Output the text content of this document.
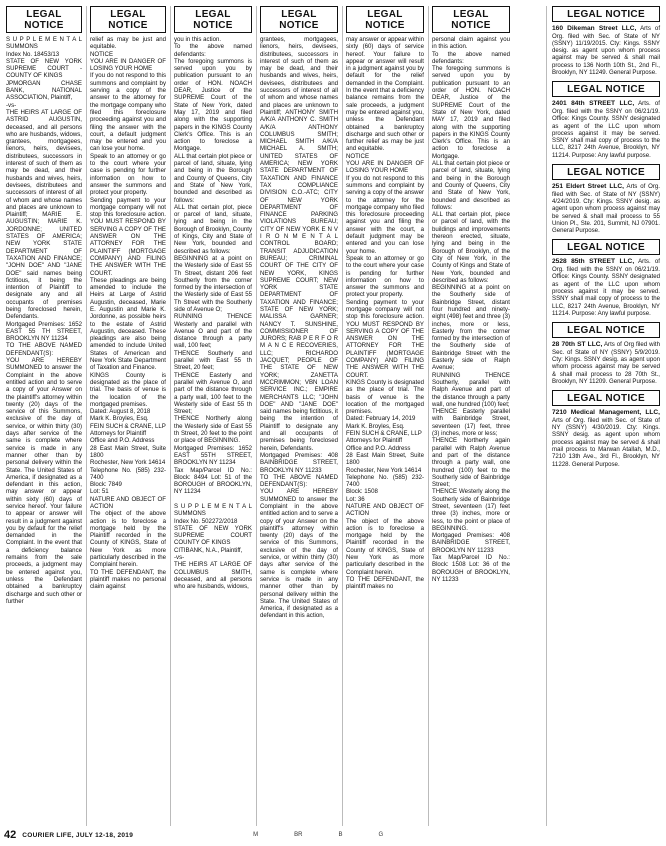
LEGAL NOTICE
S U P P L E M E N T A L SUMMONS
Index No. 18453/13
STATE OF NEW YORK SUPREME COURT - COUNTY OF KINGS
JPMORGAN CHASE BANK, NATIONAL ASSOCIATION, Plaintiff,
-vs-
THE HEIRS AT LARGE OF ASTRID AUGUSTIN, deceased, and all persons who are husbands, widows, grantees, mortgagees, lienors, heirs, devisees, distributees, successors in interest of such of them as may be dead, and their husbands and wives, heirs, devisees, distributees and successors of interest of all of whom and whose names and places are unknown to Plaintiff; MARIE E. AUGUSTIN; MARIE K. JORDONNE; UNITED STATES OF AMERICA; NEW YORK STATE DEPARTMENT OF TAXATION AND FINANCE; "JOHN DOE" AND "JANE DOE" said names being fictitious, it being the intention of Plaintiff to designate any and all occupants of premises being foreclosed herein, Defendants.
Mortgaged Premises: 1652 EAST 55 TH STREET, BROOKLYN NY 11234
TO THE ABOVE NAMED DEFENDANT(S):
YOU ARE HEREBY SUMMONED to answer the Complaint in the above entitled action and to serve a copy of your Answer on the plaintiff's attorney within twenty (20) days of the service of this Summons, exclusive of the day of service, or within thirty (30) days after service of the same is complete where service is made in any manner other than by personal delivery within the State. The United States of America, if designated as a defendant in this action, may answer or appear within sixty (60) days of service hereof. Your failure to appear or answer will result in a judgment against you by default for the relief demanded in the Complaint. In the event that a deficiency balance remains from the sale proceeds, a judgment may be entered against you, unless the Defendant obtained a bankruptcy discharge and such other or further
LEGAL NOTICE
relief as may be just and equitable.
NOTICE
YOU ARE IN DANGER OF LOSING YOUR HOME
If you do not respond to this summons and complaint by serving a copy of the answer to the attorney for the mortgage company who filed this foreclosure proceeding against you and filing the answer with the court, a default judgment may be entered and you can lose your home.
Speak to an attorney or go to the court where your case is pending for further information on how to answer the summons and protect your property.
Sending payment to your mortgage company will not stop this foreclosure action. YOU MUST RESPOND BY SERVING A COPY OF THE ANSWER ON THE ATTORNEY FOR THE PLAINTIFF (MORTGAGE COMPANY) AND FILING THE ANSWER WITH THE COURT.
These pleadings are being amended to include the Heirs at Large of Astrid Augustin, deceased, Marie E. Augustin and Marie K. Jordonne, as possible heirs to the estate of Astrid Augustin, deceased. These pleadings are also being amended to include United States of American and New York State Department of Taxation and Finance.
KINGS County is designated as the place of trial. The basis of venue is the location of the mortgaged premises.
Dated: August 8, 2018
Mark K. Broyles, Esq.
FEIN SUCH & CRANE, LLP
Attorneys for Plaintiff
Office and P.O. Address
28 East Main Street, Suite 1800
Rochester, New York 14614
Telephone No. (585) 232-7400
Block: 7849
Lot: 51
NATURE AND OBJECT OF ACTION
The object of the above action is to foreclose a mortgage held by the Plaintiff recorded in the County of KINGS, State of New York as more particularly described in the Complaint herein.
TO THE DEFENDANT, the plaintiff makes no personal claim against
LEGAL NOTICE
you in this action.
To the above named defendants:
The foregoing summons is served upon you by publication pursuant to an order of HON. NOACH DEAR, Justice of the SUPREME Court of the State of New York, dated May 17, 2019 and filed along with the supporting papers in the KINGS County Clerk's Office. This is an action to foreclose a Mortgage.
ALL that certain plot piece or parcel of land, situate, lying and being in the Borough and County of Queens, City and State of New York, bounded and described as follows:
ALL that certain plot, piece or parcel of land, situate, lying and being in the Borough of Brooklyn, County of Kings, City and State of New York, bounded and described as follows:
BEGINNING at a point on the Westerly side of East 55 Th Street, distant 206 feet Southerly from the corner formed by the intersection of the Westerly side of East 55 Th Street with the Southerly side of Avenue O;
RUNNING THENCE Westerly and parallel with Avenue O and part of the distance through a party wall, 100 feet;
THENCE Southerly and parallel with East 55 th Street, 20 feet;
THENCE Easterly and parallel with Avenue O, and part of the distance through a party wall, 100 feet to the Westerly side of East 55 th Street;
THENCE Northerly along the Westerly side of East 55 th Street, 20 feet to the point or place of BEGINNING.
Mortgaged Premises: 1652 EAST 55TH STREET, BROOKLYN NY 11234
Tax Map/Parcel ID No.: Block: 8494 Lot: 51 of the BOROUGH of BROOKLYN, NY 11234

S U P P L E M E N T A L SUMMONS
Index No. 502272/2018
STATE OF NEW YORK SUPREME COURT COUNTY OF KINGS
CITIBANK, N.A., Plaintiff,
-vs-
THE HEIRS AT LARGE OF COLUMBUS SMITH, deceased, and all persons who are husbands, widows,
LEGAL NOTICE
grantees, mortgagees, lienors, heirs, devisees, distributees, successors in interest of such of them as may be dead, and their husbands and wives, heirs, devisees, distributees and successors of interest of all of whom and whose names and places are unknown to Plaintiff; ANTHONY SMITH A/K/A ANTHONY C. SMITH A/K/A ANTHONY COLUMBUS SMITH; MICHAEL SMITH A/K/A MICHAEL A. SMITH; UNITED STATES OF AMERICA; NEW YORK STATE DEPARTMENT OF TAXATION AND FINANCE TAX COMPLIANCE DIVISION C.O.-ATC; CITY OF NEW YORK DEPARTMENT OF FINANCE PARKING VIOLATIONS BUREAU; CITY OF NEW YORK E N V I R O N M E N T A L CONTROL BOARD; TRANSIT ADJUDICATION BUREAU; CRIMINAL COURT OF THE CITY OF NEW YORK, KINGS SUPREME COURT; NEW YORK STATE DEPARTMENT OF TAXATION AND FINANCE; STATE OF NEW YORK; MALISSA GARNER; NANCY T. SUNSHINE, COMMISSIONER OF JURORS; RAB P E R F O R M A N C E RECOVERIES, LLC; RICHARDO JACQUET; PEOPLE OF THE STATE OF NEW YORK; ZANETTA MCCRIMMON; VBN LOAN SERVICE INC.; EMPIRE MERCHANTS LLC; "JOHN DOE" AND "JANE DOE" said names being fictitious, it being the intention of Plaintiff to designate any and all occupants of premises being foreclosed herein, Defendants.
Mortgaged Premises: 408 BAINBRIDGE STREET, BROOKLYN NY 11233
TO THE ABOVE NAMED DEFENDANT(S):
YOU ARE HEREBY SUMMONED to answer the Complaint in the above entitled action and to serve a copy of your Answer on the plaintiff's attorney within twenty (20) days of the service of this Summons, exclusive of the day of service, or within thirty (30) days after service of the same is complete where service is made in any manner other than by personal delivery within the State. The United States of America, if designated as a defendant in this action,
LEGAL NOTICE
may answer or appear within sixty (60) days of service hereof. Your failure to appear or answer will result in a judgment against you by default for the relief demanded in the Complaint. In the event that a deficiency balance remains from the sale proceeds, a judgment may be entered against you, unless the Defendant obtained a bankruptcy discharge and such other or further relief as may be just and equitable.
NOTICE
YOU ARE IN DANGER OF LOSING YOUR HOME
If you do not respond to this summons and complaint by serving a copy of the answer to the attorney for the mortgage company who filed this foreclosure proceeding against you and filing the answer with the court, a default judgment may be entered and you can lose your home.
Speak to an attorney or go to the court where your case is pending for further information on how to answer the summons and protect your property.
Sending payment to your mortgage company will not stop this foreclosure action. YOU MUST RESPOND BY SERVING A COPY OF THE ANSWER ON THE ATTORNEY FOR THE PLAINTIFF (MORTGAGE COMPANY) AND FILING THE ANSWER WITH THE COURT.
KINGS County is designated as the place of trial. The basis of venue is the location of the mortgaged premises.
Dated: February 14, 2019
Mark K. Broyles, Esq.
FEIN SUCH & CRANE, LLP
Attorneys for Plaintiff
Office and P.O. Address
28 East Main Street, Suite 1800
Rochester, New York 14614
Telephone No. (585) 232-7400
Block: 1508
Lot: 36
NATURE AND OBJECT OF ACTION
The object of the above action is to foreclose a mortgage held by the Plaintiff recorded in the County of KINGS, State of New York as more particularly described in the Complaint herein.
TO THE DEFENDANT, the plaintiff makes no
LEGAL NOTICE
personal claim against you in this action.
To the above named defendants:
The foregoing summons is served upon you by publication pursuant to an order of HON. NOACH DEAR, Justice of the SUPREME Court of the State of New York, dated MAY 17, 2019 and filed along with the supporting papers in the KINGS County Clerk's Office. This is an action to foreclose a Mortgage.
ALL that certain plot piece or parcel of land, situate, lying and being in the Borough and County of Queens, City and State of New York, bounded and described as follows:
ALL that certain plot, piece or parcel of land, with the buildings and improvements thereon erected, situate, lying and being in the Borough of Brooklyn, of the City of New York, in the County of Kings and State of New York, bounded and described as follows:
BEGINNING at a point on the Southerly side of Bainbridge Street, distant four hundred and ninety-eight (498) feet and three (3) inches, more or less, Easterly from the corner formed by the intersection of the Southerly side of Bainbridge Street with the Easterly side of Ralph Avenue;
RUNNING THENCE Southerly, parallel with Ralph Avenue and part of the distance through a party wall, one hundred (100) feet;
THENCE Easterly parallel with Bainbridge Street, seventeen (17) feet, three (3) inches, more or less;
THENCE Northerly again parallel with Ralph Avenue and part of the distance through a party wall, one hundred (100) feet to the Southerly side of Bainbridge Street;
THENCE Westerly along the Southerly side of Bainbridge Street, seventeen (17) feet three (3) inches, more or less, to the point or place of BEGINNING.
Mortgaged Premises: 408 BAINBRIDGE STREET, BROOKLYN NY 11233
Tax Map/Parcel ID No.: Block: 1508 Lot: 36 of the BOROUGH of BROOKLYN, NY 11233
LEGAL NOTICE
160 Dikeman Street LLC, Arts of Org. filed with Sec. of State of NY (SSNY) 11/19/2015. Cty: Kings. SSNY desig. as agent upon whom process against may be served & shall mail process to 136 North 10th St., 2nd Fl., Brooklyn, NY 11249. General Purpose.
LEGAL NOTICE
2401 84th STREET LLC, Arts. of Org. filed with the SSNY on 06/21/19. Office: Kings County. SSNY designated as agent of the LLC upon whom process against it may be served. SSNY shall mail copy of process to the LLC, 8217 24th Avenue, Brooklyn, NY 11214. Purpose: Any lawful purpose.
LEGAL NOTICE
251 Eldert Street LLC, Arts of Org. filed with Sec. of State of NY (SSNY) 4/24/2019. Cty: Kings. SSNY desig. as agent upon whom process against may be served & shall mail process to 55 Union Pl., Ste. 201, Summit, NJ 07901. General Purpose.
LEGAL NOTICE
2528 85th STREET LLC, Arts. of Org. filed with the SSNY on 06/21/19. Office: Kings County. SSNY designated as agent of the LLC upon whom process against it may be served. SSNY shall mail copy of process to the LLC, 8217 24th Avenue, Brooklyn, NY 11214. Purpose: Any lawful purpose.
LEGAL NOTICE
28 70th ST LLC, Arts of Org filed with Sec. of State of NY (SSNY) 5/9/2019. Cty: Kings. SSNY desig. as agent upon whom process against may be served & shall mail process to 28 70th St., Brooklyn, NY 11209. General Purpose.
LEGAL NOTICE
7210 Medical Management, LLC, Arts of Org. filed with Sec. of State of NY (SSNY) 4/30/2019. Cty: Kings. SSNY desig. as agent upon whom process against may be served & shall mail process to Marwan Atallah, M.D., 7210 13th Ave., 3rd Fl., Brooklyn, NY 11228. General Purpose.
42 COURIER LIFE, JULY 12-18, 2019	M	BR	B	G
